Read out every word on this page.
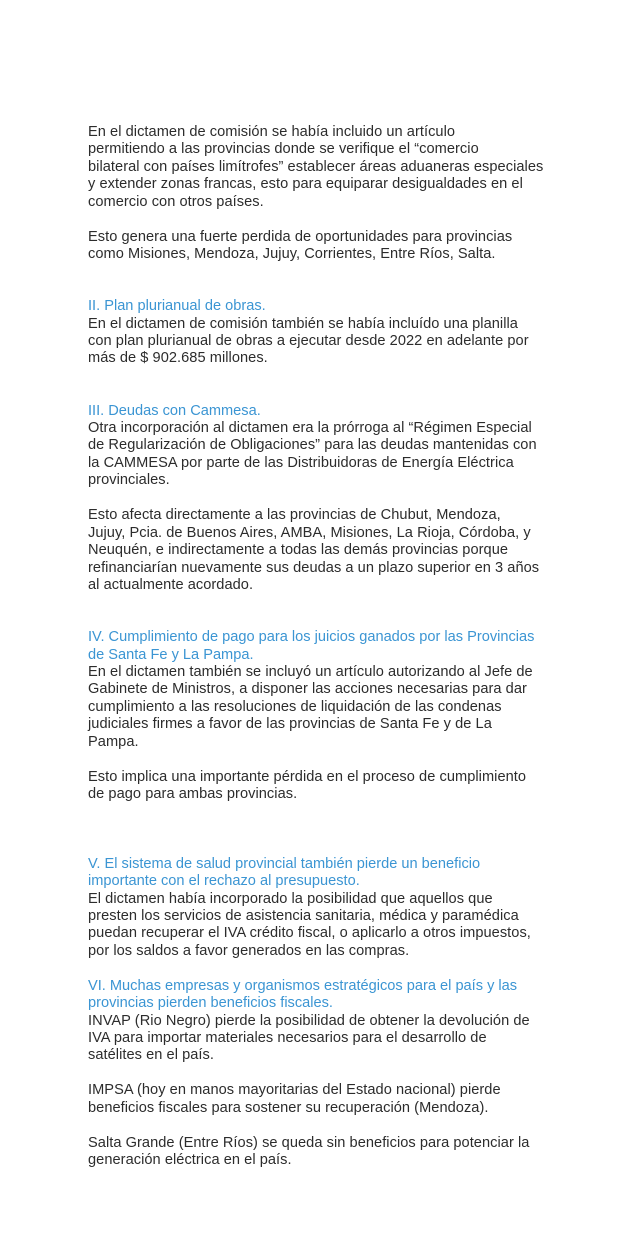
En el dictamen de comisión se había incluido un artículo
permitiendo a las provincias donde se verifique el “comercio
bilateral con países limítrofes” establecer áreas aduaneras especiales
y extender zonas francas, esto para equiparar desigualdades en el
comercio con otros países.

Esto genera una fuerte perdida de oportunidades para provincias
como Misiones, Mendoza, Jujuy, Corrientes, Entre Ríos, Salta.

II. Plan plurianual de obras.

En el dictamen de comisión también se había incluído una planilla
con plan plurianual de obras a ejecutar desde 2022 en adelante por
más de $ 902.685 millones.

III. Deudas con Cammesa.

Otra incorporación al dictamen era la prórroga al “Régimen Especial
de Regularización de Obligaciones” para las deudas mantenidas con
la CAMMESA por parte de las Distribuidoras de Energía Eléctrica
provinciales.

Esto afecta directamente a las provincias de Chubut, Mendoza,
Jujuy, Pcia. de Buenos Aires, AMBA, Misiones, La Rioja, Córdoba, y
Neuquén, e indirectamente a todas las demás provincias porque
refinanciarían nuevamente sus deudas a un plazo superior en 3 años
al actualmente acordado.

IV. Cumplimiento de pago para los juicios ganados por las Provincias
de Santa Fe y La Pampa.

En el dictamen también se incluyó un artículo autorizando al Jefe de
Gabinete de Ministros, a disponer las acciones necesarias para dar
cumplimiento a las resoluciones de liquidación de las condenas
judiciales firmes a favor de las provincias de Santa Fe y de La
Pampa.

Esto implica una importante pérdida en el proceso de cumplimiento
de pago para ambas provincias.

V. El sistema de salud provincial también pierde un beneficio
importante con el rechazo al presupuesto.

El dictamen había incorporado la posibilidad que aquellos que
presten los servicios de asistencia sanitaria, médica y paramédica
puedan recuperar el IVA crédito fiscal, o aplicarlo a otros impuestos,
por los saldos a favor generados en las compras.

VI. Muchas empresas y organismos estratégicos para el país y las
provincias pierden beneficios fiscales.

INVAP (Rio Negro) pierde la posibilidad de obtener la devolución de
IVA para importar materiales necesarios para el desarrollo de
satélites en el país.

IMPSA (hoy en manos mayoritarias del Estado nacional) pierde
beneficios fiscales para sostener su recuperación (Mendoza).

Salta Grande (Entre Ríos) se queda sin beneficios para potenciar la
generación eléctrica en el país.
